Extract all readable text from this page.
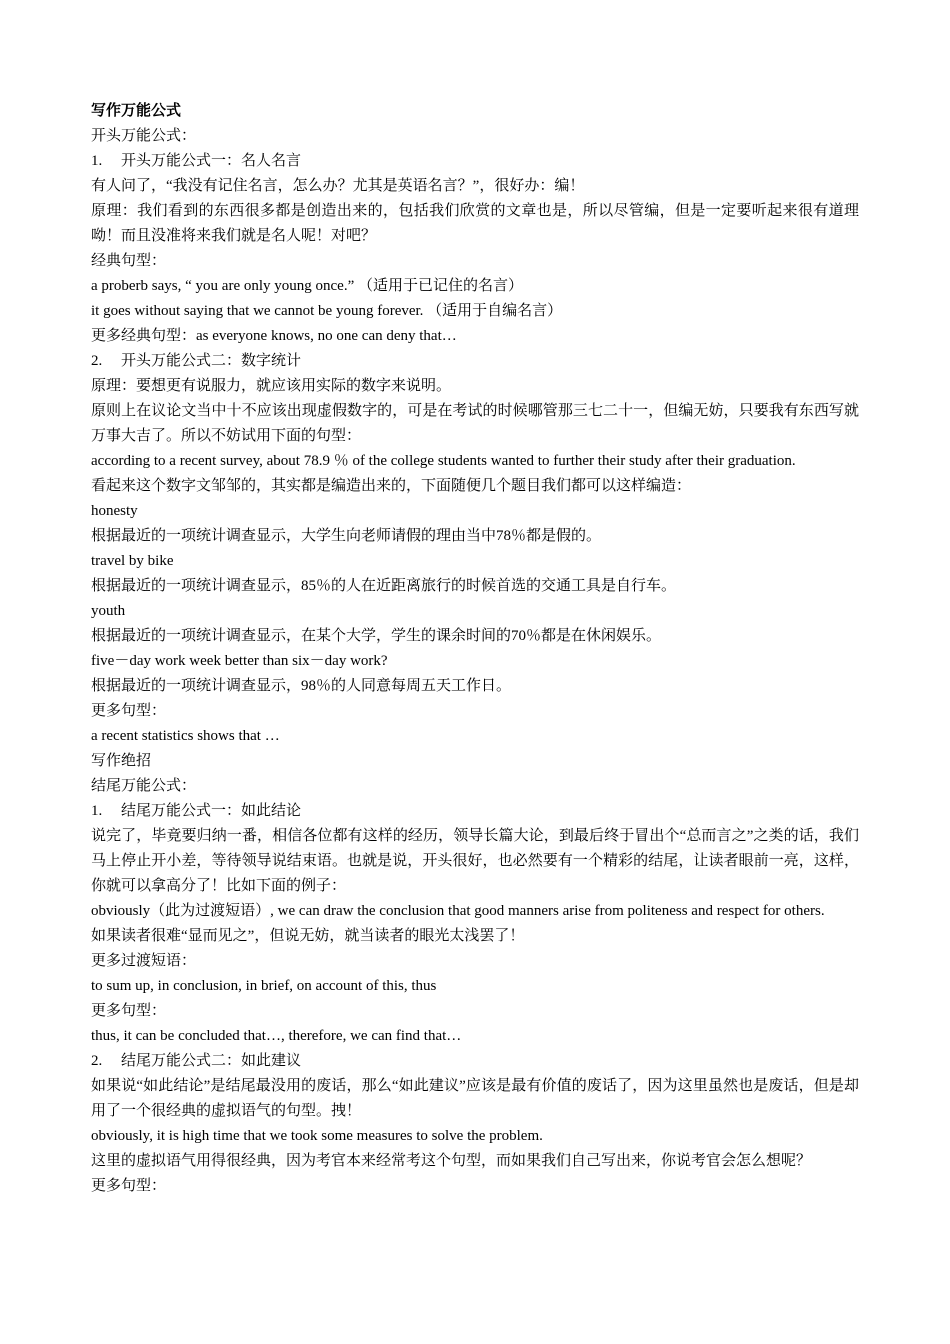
写作万能公式

开头万能公式：

1. 开头万能公式一：名人名言

有人问了，“我没有记住名言，怎么办？尤其是英语名言？”，很好办：编！

原理：我们看到的东西很多都是创造出来的，包括我们欣赏的文章也是，所以尽管编，但是一定要听起来很有道理呦！而且没准将来我们就是名人呢！对吧？

经典句型：

a proberb says, “ you are only young once.” （适用于已记住的名言）

it goes without saying that we cannot be young forever. （适用于自编名言）

更多经典句型：as everyone knows, no one can deny that…

2. 开头万能公式二：数字统计

原理：要想更有说服力，就应该用实际的数字来说明。

原则上在议论文当中十不应该出现虚假数字的，可是在考试的时候哪管那三七二十一，但编无妨，只要我有东西写就万事大吉了。所以不妨试用下面的句型：

according to a recent survey, about 78.9 ％ of the college students wanted to further their study after their graduation.

看起来这个数字文邹邹的，其实都是编造出来的，下面随便几个题目我们都可以这样编造：

honesty

根据最近的一项统计调查显示，大学生向老师请假的理由当中78％都是假的。

travel by bike

根据最近的一项统计调查显示，85％的人在近距离旅行的时候首选的交通工具是自行车。

youth

根据最近的一项统计调查显示，在某个大学，学生的课余时间的70％都是在休闲娱乐。

five－day work week better than six－day work?

根据最近的一项统计调查显示，98％的人同意每周五天工作日。

更多句型：

a recent statistics shows that …

写作绝招

结尾万能公式：

1. 结尾万能公式一：如此结论

说完了，毕竟要归纳一番，相信各位都有这样的经历，领导长篇大论，到最后终于冒出个“总而言之”之类的话，我们马上停止开小差，等待领导说结束语。也就是说，开头很好，也必然要有一个精彩的结尾，让读者眼前一亮，这样，你就可以拿高分了！比如下面的例子：

obviously（此为过渡短语）, we can draw the conclusion that good manners arise from politeness and respect for others.

如果读者很难“显而见之”，但说无妨，就当读者的眼光太浅罢了！

更多过渡短语：

to sum up, in conclusion, in brief, on account of this, thus

更多句型：

thus, it can be concluded that…, therefore, we can find that…

2. 结尾万能公式二：如此建议

如果说“如此结论”是结尾最没用的废话，那么“如此建议”应该是最有价值的废话了，因为这里虽然也是废话，但是却用了一个很经典的虚拟语气的句型。拽！

obviously, it is high time that we took some measures to solve the problem.

这里的虚拟语气用得很经典，因为考官本来经常考这个句型，而如果我们自己写出来，你说考官会怎么想呢？

更多句型：
